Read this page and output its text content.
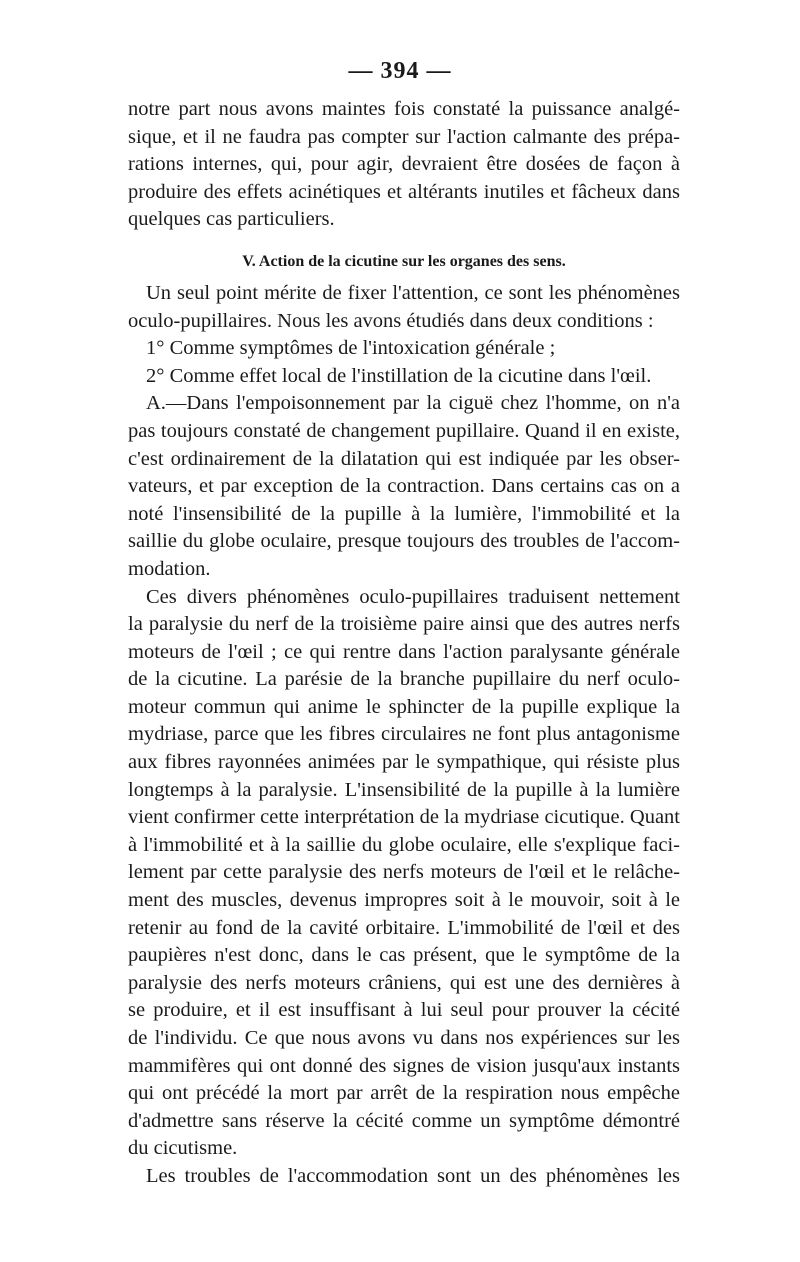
— 394 —
notre part nous avons maintes fois constaté la puissance analgé-
sique, et il ne faudra pas compter sur l'action calmante des prépa-
rations internes, qui, pour agir, devraient être dosées de façon à
produire des effets acinétiques et altérants inutiles et fâcheux dans
quelques cas particuliers.
V. Action de la cicutine sur les organes des sens.
Un seul point mérite de fixer l'attention, ce sont les phénomènes
oculo-pupillaires. Nous les avons étudiés dans deux conditions :
1° Comme symptômes de l'intoxication générale ;
2° Comme effet local de l'instillation de la cicutine dans l'œil.
A.—Dans l'empoisonnement par la ciguë chez l'homme, on n'a
pas toujours constaté de changement pupillaire. Quand il en existe,
c'est ordinairement de la dilatation qui est indiquée par les obser-
vateurs, et par exception de la contraction. Dans certains cas on a
noté l'insensibilité de la pupille à la lumière, l'immobilité et la
saillie du globe oculaire, presque toujours des troubles de l'accom-
modation.
Ces divers phénomènes oculo-pupillaires traduisent nettement
la paralysie du nerf de la troisième paire ainsi que des autres nerfs
moteurs de l'œil ; ce qui rentre dans l'action paralysante générale
de la cicutine. La parésie de la branche pupillaire du nerf oculo-
moteur commun qui anime le sphincter de la pupille explique la
mydriase, parce que les fibres circulaires ne font plus antagonisme
aux fibres rayonnées animées par le sympathique, qui résiste plus
longtemps à la paralysie. L'insensibilité de la pupille à la lumière
vient confirmer cette interprétation de la mydriase cicutique. Quant
à l'immobilité et à la saillie du globe oculaire, elle s'explique faci-
lement par cette paralysie des nerfs moteurs de l'œil et le relâche-
ment des muscles, devenus impropres soit à le mouvoir, soit à le
retenir au fond de la cavité orbitaire. L'immobilité de l'œil et des
paupières n'est donc, dans le cas présent, que le symptôme de la
paralysie des nerfs moteurs crâniens, qui est une des dernières à
se produire, et il est insuffisant à lui seul pour prouver la cécité
de l'individu. Ce que nous avons vu dans nos expériences sur les
mammifères qui ont donné des signes de vision jusqu'aux instants
qui ont précédé la mort par arrêt de la respiration nous empêche
d'admettre sans réserve la cécité comme un symptôme démontré
du cicutisme.
Les troubles de l'accommodation sont un des phénomènes les
